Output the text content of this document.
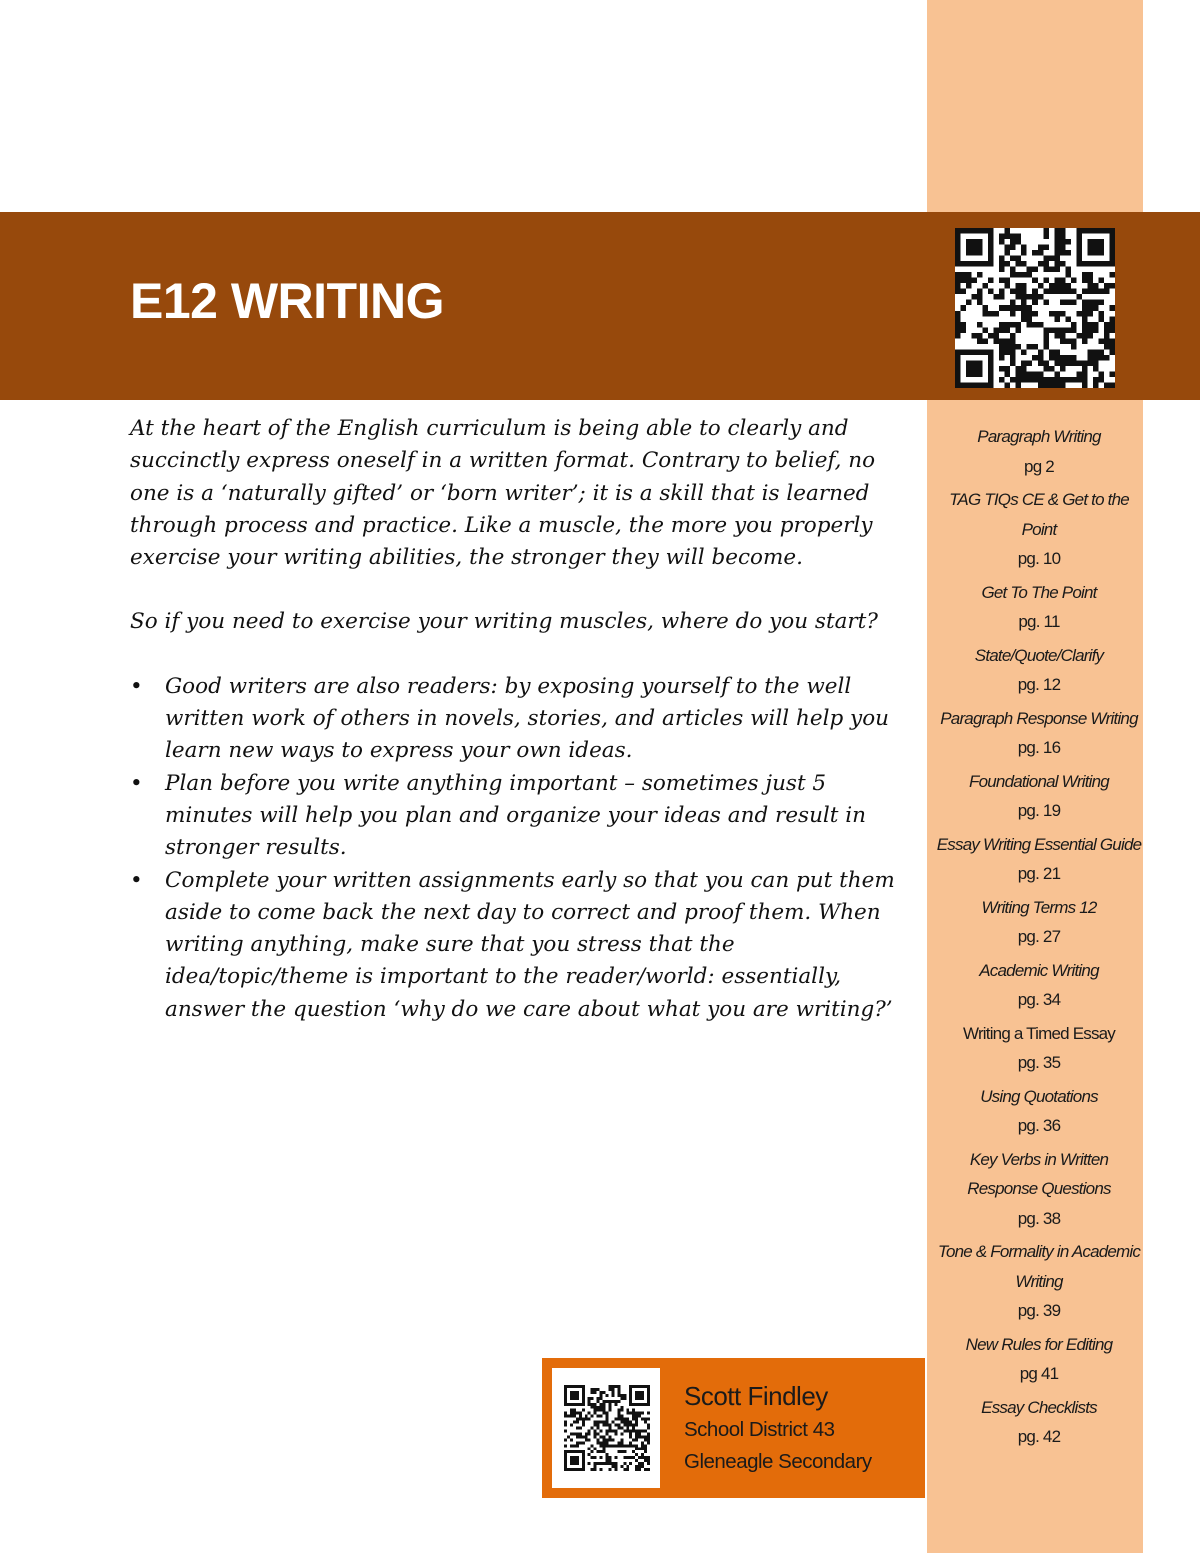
E12 WRITING

At the heart of the English curriculum is being able to clearly and succinctly express oneself in a written format. Contrary to belief, no one is a ‘naturally gifted’ or ‘born writer’; it is a skill that is learned through process and practice. Like a muscle, the more you properly exercise your writing abilities, the stronger they will become.

So if you need to exercise your writing muscles, where do you start?

• Good writers are also readers: by exposing yourself to the well written work of others in novels, stories, and articles will help you learn new ways to express your own ideas.
• Plan before you write anything important – sometimes just 5 minutes will help you plan and organize your ideas and result in stronger results.
• Complete your written assignments early so that you can put them aside to come back the next day to correct and proof them. When writing anything, make sure that you stress that the idea/topic/theme is important to the reader/world: essentially, answer the question ‘why do we care about what you are writing?’
Paragraph Writing
pg 2
TAG TIQs CE & Get to the Point
pg. 10
Get To The Point
pg. 11
State/Quote/Clarify
pg. 12
Paragraph Response Writing
pg. 16
Foundational Writing
pg. 19
Essay Writing Essential Guide
pg. 21
Writing Terms 12
pg. 27
Academic Writing
pg. 34
Writing a Timed Essay
pg. 35
Using Quotations
pg. 36
Key Verbs in Written Response Questions
pg. 38
Tone & Formality in Academic Writing
pg. 39
New Rules for Editing
pg 41
Essay Checklists
pg. 42
Scott Findley
School District 43
Gleneagle Secondary
